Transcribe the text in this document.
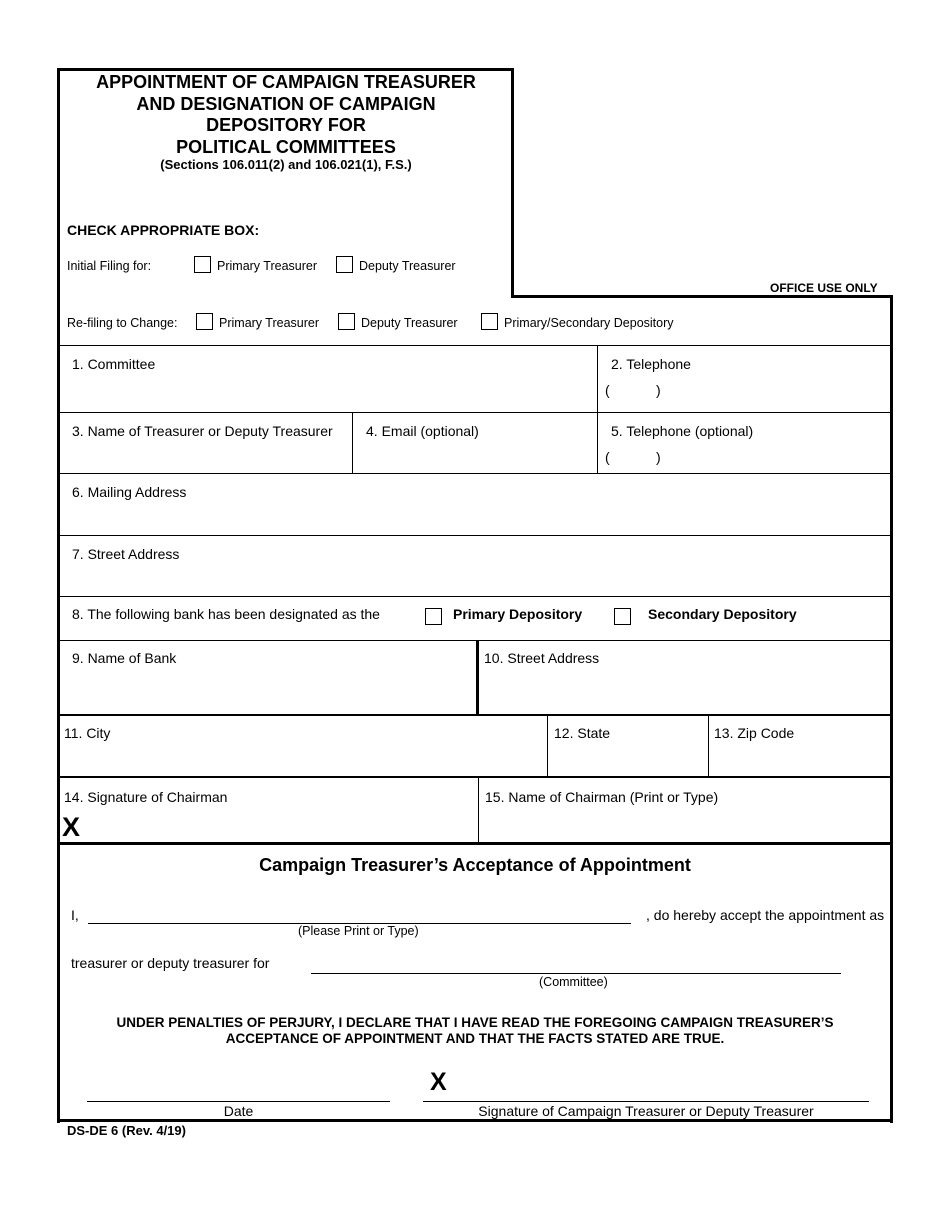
APPOINTMENT OF CAMPAIGN TREASURER
AND DESIGNATION OF CAMPAIGN
DEPOSITORY FOR
POLITICAL COMMITTEES
(Sections 106.011(2) and 106.021(1), F.S.)
OFFICE USE ONLY
CHECK APPROPRIATE BOX:
Initial Filing for:	Primary Treasurer	Deputy Treasurer
Re-filing to Change:	Primary Treasurer	Deputy Treasurer	Primary/Secondary Depository
1. Committee	2. Telephone
(	)
3. Name of Treasurer or Deputy Treasurer 4. Email (optional)	5. Telephone (optional)
(	)
6. Mailing Address
7. Street Address
8. The following bank has been designated as the	Primary Depository	Secondary Depository
9. Name of Bank	10. Street Address
11. City	12. State	13. Zip Code
14. Signature of Chairman
X
15. Name of Chairman (Print or Type)
Campaign Treasurer’s Acceptance of Appointment
I,	, do hereby accept the appointment as
(Please Print or Type)
treasurer or deputy treasurer for
(Committee)
UNDER PENALTIES OF PERJURY, I DECLARE THAT I HAVE READ THE FOREGOING CAMPAIGN TREASURER’S
ACCEPTANCE OF APPOINTMENT AND THAT THE FACTS STATED ARE TRUE.
X
Date	Signature of Campaign Treasurer or Deputy Treasurer
DS-DE 6 (Rev. 4/19)
